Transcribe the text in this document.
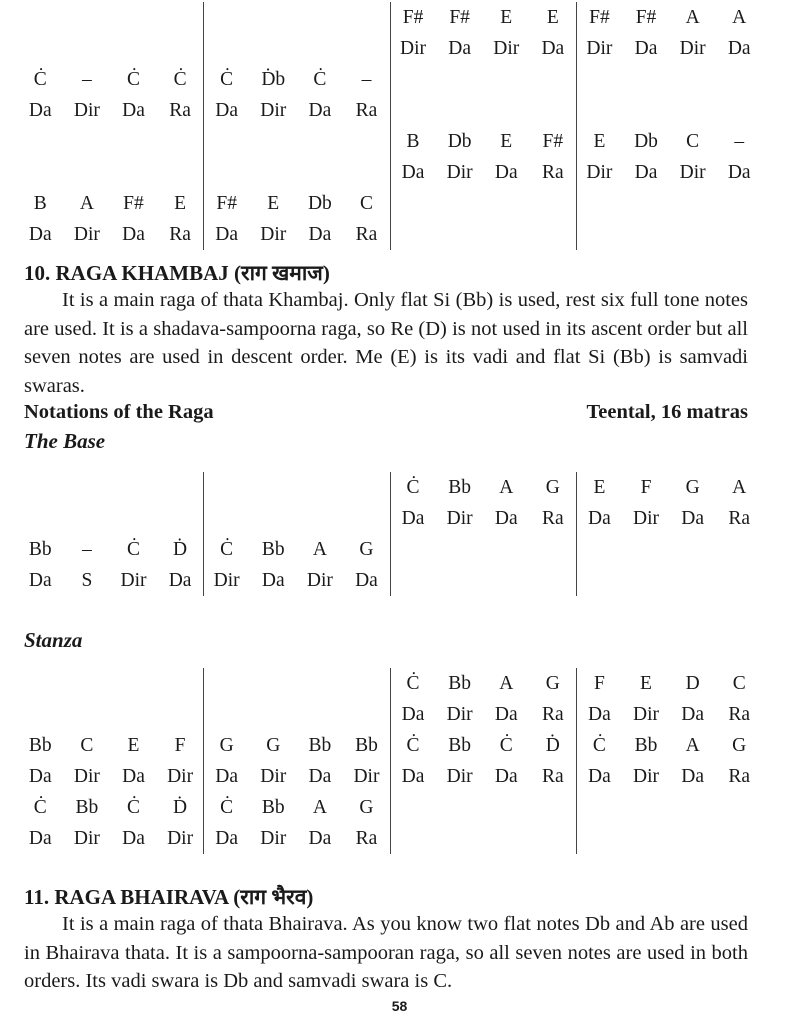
F#	F#	E	E	F#	F#	A	A
Dir	Da	Dir	Da	Dir	Da	Dir	Da
Ċ	–	Ċ	Ċ	Ċ	Ḋb	Ċ	–
Da	Dir	Da	Ra	Da	Dir	Da	Ra
B	Db	E	F#	E	Db	C	–
Da	Dir	Da	Ra	Dir	Da	Dir	Da
B	A	F#	E	F#	E	Db	C
Da	Dir	Da	Ra	Da	Dir	Da	Ra
10. RAGA KHAMBAJ (राग खमाज)
It is a main raga of thata Khambaj. Only flat Si (Bb) is used, rest six full tone notes are used. It is a shadava-sampoorna raga, so Re (D) is not used in its ascent order but all seven notes are used in descent order. Me (E) is its vadi and flat Si (Bb) is samvadi swaras.
Notations of the Raga	Teental, 16 matras
The Base
Ċ	Bb	A	G	E	F	G	A
Da	Dir	Da	Ra	Da	Dir	Da	Ra
Bb	–	Ċ	Ḋ	Ċ	Bb	A	G
Da	S	Dir	Da	Dir	Da	Dir	Da
Stanza
Ċ	Bb	A	G	F	E	D	C
Da	Dir	Da	Ra	Da	Dir	Da	Ra
Bb	C	E	F	G	G	Bb	Bb	Ċ	Bb	Ċ	Ḋ	Ċ	Bb	A	G
Da	Dir	Da	Dir	Da	Dir	Da	Dir	Da	Dir	Da	Ra	Da	Dir	Da	Ra
Ċ	Bb	Ċ	Ḋ	Ċ	Bb	A	G
Da	Dir	Da	Dir	Da	Dir	Da	Ra
11. RAGA BHAIRAVA (राग भैरव)
It is a main raga of thata Bhairava. As you know two flat notes Db and Ab are used in Bhairava thata. It is a sampoorna-sampooran raga, so all seven notes are used in both orders. Its vadi swara is Db and samvadi swara is C.
58
